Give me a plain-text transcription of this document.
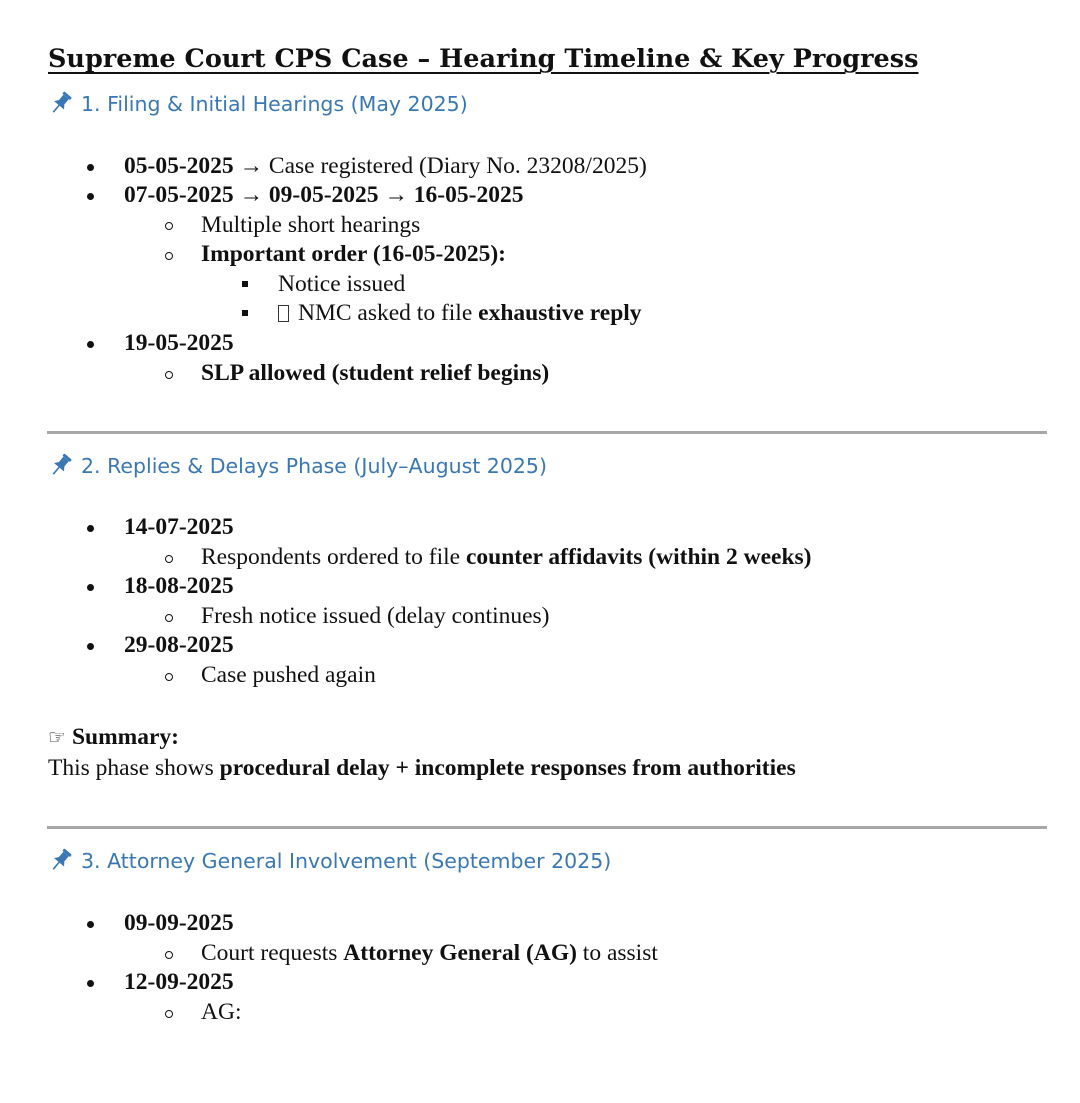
Supreme Court CPS Case – Hearing Timeline & Key Progress
1. Filing & Initial Hearings (May 2025)
05-05-2025 → Case registered (Diary No. 23208/2025)
07-05-2025 → 09-05-2025 → 16-05-2025
Multiple short hearings
Important order (16-05-2025):
Notice issued
NMC asked to file exhaustive reply
19-05-2025
SLP allowed (student relief begins)
2. Replies & Delays Phase (July–August 2025)
14-07-2025
Respondents ordered to file counter affidavits (within 2 weeks)
18-08-2025
Fresh notice issued (delay continues)
29-08-2025
Case pushed again
☞ Summary:
This phase shows procedural delay + incomplete responses from authorities
3. Attorney General Involvement (September 2025)
09-09-2025
Court requests Attorney General (AG) to assist
12-09-2025
AG:
